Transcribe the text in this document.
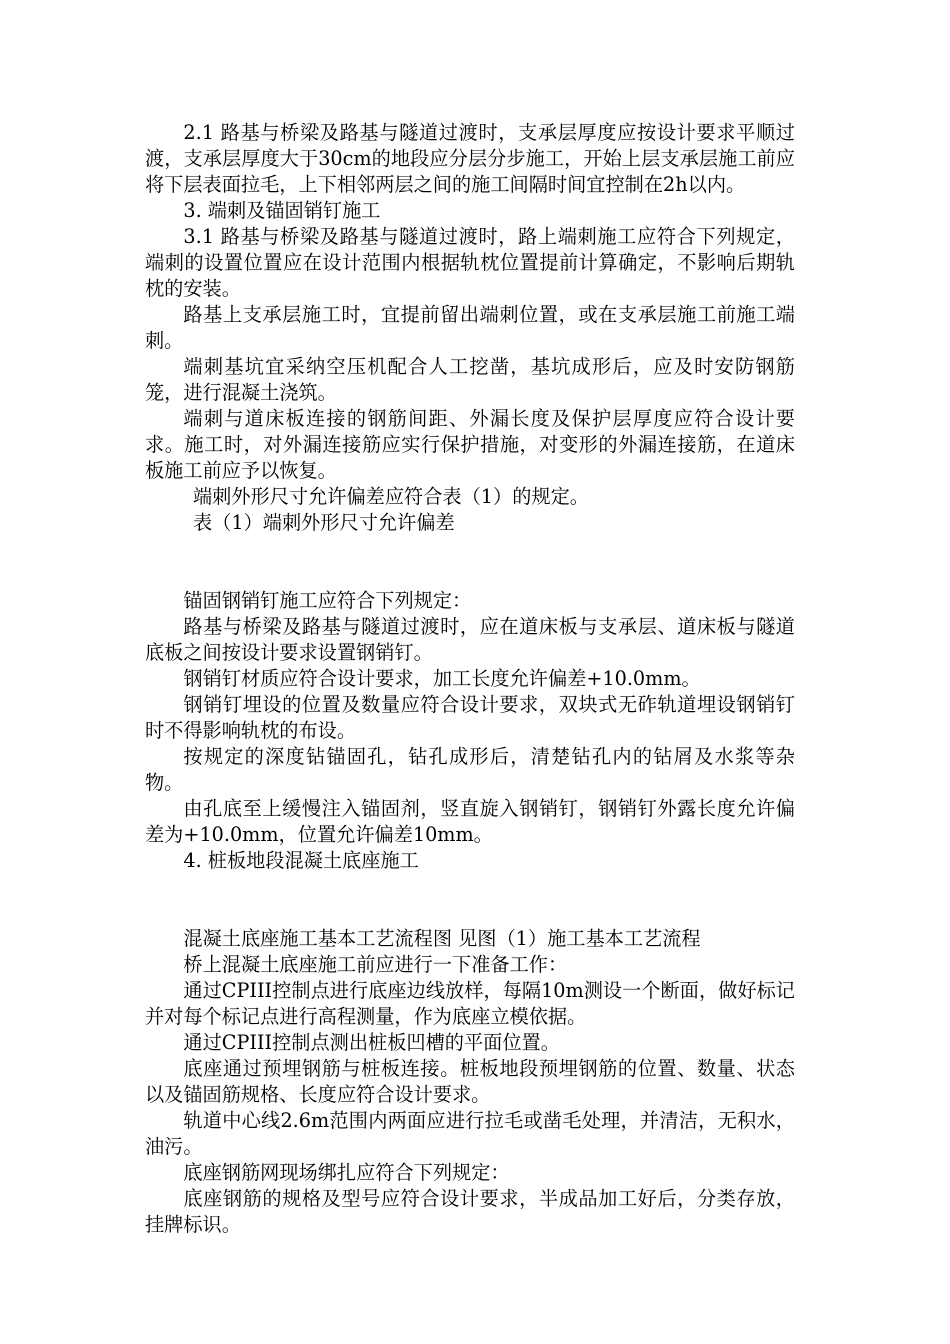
2.1 路基与桥梁及路基与隧道过渡时，支承层厚度应按设计要求平顺过渡，支承层厚度大于30cm的地段应分层分步施工，开始上层支承层施工前应将下层表面拉毛，上下相邻两层之间的施工间隔时间宜控制在2h以内。

3. 端刺及锚固销钉施工

3.1 路基与桥梁及路基与隧道过渡时，路上端刺施工应符合下列规定，端刺的设置位置应在设计范围内根据轨枕位置提前计算确定，不影响后期轨枕的安装。

路基上支承层施工时，宜提前留出端刺位置，或在支承层施工前施工端刺。

端刺基坑宜采纳空压机配合人工挖凿，基坑成形后，应及时安防钢筋笼，进行混凝土浇筑。

端刺与道床板连接的钢筋间距、外漏长度及保护层厚度应符合设计要求。施工时，对外漏连接筋应实行保护措施，对变形的外漏连接筋，在道床板施工前应予以恢复。

端刺外形尺寸允许偏差应符合表（1）的规定。

表（1）端刺外形尺寸允许偏差

锚固钢销钉施工应符合下列规定：

路基与桥梁及路基与隧道过渡时，应在道床板与支承层、道床板与隧道底板之间按设计要求设置钢销钉。

钢销钉材质应符合设计要求，加工长度允许偏差+10.0mm。

钢销钉埋设的位置及数量应符合设计要求，双块式无砟轨道埋设钢销钉时不得影响轨枕的布设。

按规定的深度钻锚固孔，钻孔成形后，清楚钻孔内的钻屑及水浆等杂物。

由孔底至上缓慢注入锚固剂，竖直旋入钢销钉，钢销钉外露长度允许偏差为+10.0mm，位置允许偏差10mm。

4. 桩板地段混凝土底座施工

混凝土底座施工基本工艺流程图 见图（1）施工基本工艺流程

桥上混凝土底座施工前应进行一下准备工作：

通过CPIII控制点进行底座边线放样，每隔10m测设一个断面，做好标记并对每个标记点进行高程测量，作为底座立模依据。

通过CPIII控制点测出桩板凹槽的平面位置。

底座通过预埋钢筋与桩板连接。桩板地段预埋钢筋的位置、数量、状态以及锚固筋规格、长度应符合设计要求。

轨道中心线2.6m范围内两面应进行拉毛或凿毛处理，并清洁，无积水，油污。

底座钢筋网现场绑扎应符合下列规定：

底座钢筋的规格及型号应符合设计要求，半成品加工好后，分类存放，挂牌标识。
